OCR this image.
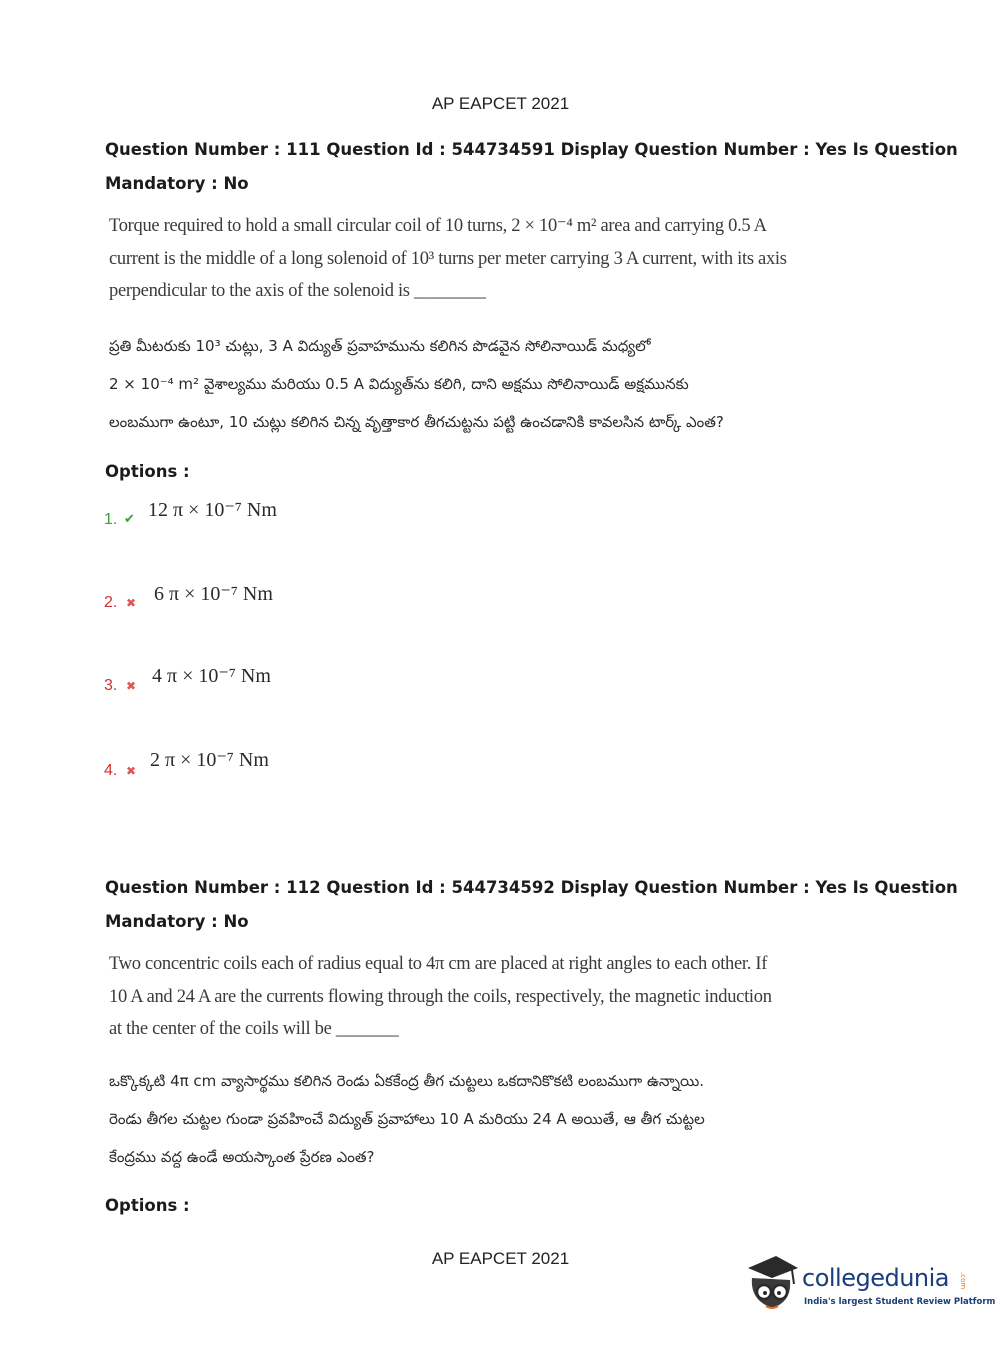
AP EAPCET 2021
Question Number : 111 Question Id : 544734591 Display Question Number : Yes Is Question
Mandatory : No
Torque required to hold a small circular coil of 10 turns, 2 × 10⁻⁴ m² area and carrying 0.5 A
current is the middle of a long solenoid of 10³ turns per meter carrying 3 A current, with its axis
perpendicular to the axis of the solenoid is ________
ప్రతి మీటరుకు 10³ చుట్లు, 3 A విద్యుత్ ప్రవాహమును కలిగిన పొడవైన సోలినాయిడ్ మధ్యలో
2 × 10⁻⁴ m² వైశాల్యము మరియు 0.5 A విద్యుత్‌ను కలిగి, దాని అక్షము సోలినాయిడ్ అక్షమునకు
లంబముగా ఉంటూ, 10 చుట్లు కలిగిన చిన్న వృత్తాకార తీగచుట్టను పట్టి ఉంచడానికి కావలసిన టార్క్ ఎంత?
Options :
1. ✔ 12 π × 10⁻⁷ Nm
2. ✖ 6 π × 10⁻⁷ Nm
3. ✖ 4 π × 10⁻⁷ Nm
4. ✖ 2 π × 10⁻⁷ Nm
Question Number : 112 Question Id : 544734592 Display Question Number : Yes Is Question
Mandatory : No
Two concentric coils each of radius equal to 4π cm are placed at right angles to each other. If
10 A and 24 A are the currents flowing through the coils, respectively, the magnetic induction
at the center of the coils will be _______
ఒక్కొక్కటి 4π cm వ్యాసార్థము కలిగిన రెండు ఏకకేంద్ర తీగ చుట్టలు ఒకదానికొకటి లంబముగా ఉన్నాయి.
రెండు తీగల చుట్టల గుండా ప్రవహించే విద్యుత్ ప్రవాహాలు 10 A మరియు 24 A అయితే, ఆ తీగ చుట్టల
కేంద్రము వద్ద ఉండే అయస్కాంత ప్రేరణ ఎంత?
Options :
AP EAPCET 2021
collegedunia .com
India's largest Student Review Platform
